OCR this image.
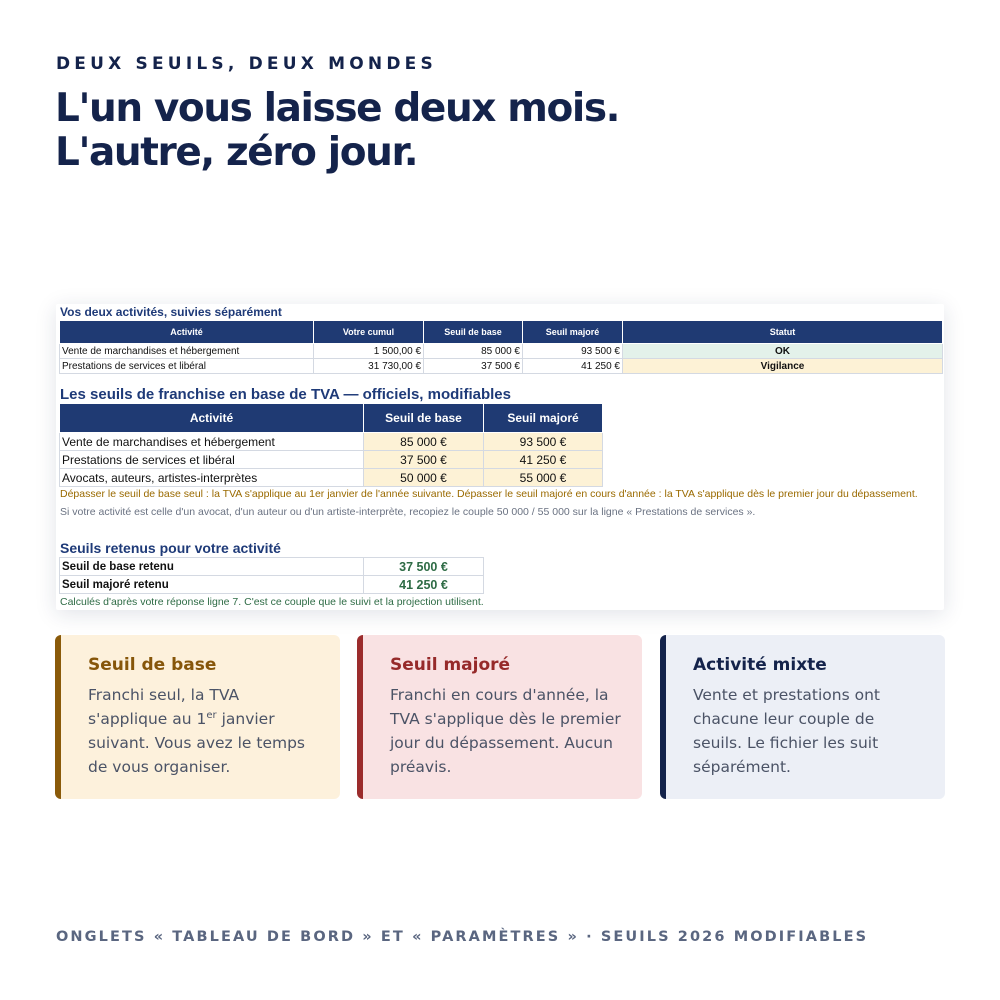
DEUX SEUILS, DEUX MONDES
L'un vous laisse deux mois.
L'autre, zéro jour.
Vos deux activités, suivies séparément
Activité	Votre cumul	Seuil de base	Seuil majoré	Statut
Vente de marchandises et hébergement	1 500,00 €	85 000 €	93 500 €	OK
Prestations de services et libéral	31 730,00 €	37 500 €	41 250 €	Vigilance
Les seuils de franchise en base de TVA — officiels, modifiables
Activité	Seuil de base	Seuil majoré
Vente de marchandises et hébergement	85 000 €	93 500 €
Prestations de services et libéral	37 500 €	41 250 €
Avocats, auteurs, artistes-interprètes	50 000 €	55 000 €
Dépasser le seuil de base seul : la TVA s'applique au 1er janvier de l'année suivante. Dépasser le seuil majoré en cours d'année : la TVA s'applique dès le premier jour du dépassement.
Si votre activité est celle d'un avocat, d'un auteur ou d'un artiste-interprète, recopiez le couple 50 000 / 55 000 sur la ligne « Prestations de services ».
Seuils retenus pour votre activité
Seuil de base retenu	37 500 €
Seuil majoré retenu	41 250 €
Calculés d'après votre réponse ligne 7. C'est ce couple que le suivi et la projection utilisent.
Seuil de base
Franchi seul, la TVA s'applique au 1er janvier suivant. Vous avez le temps de vous organiser.
Seuil majoré
Franchi en cours d'année, la TVA s'applique dès le premier jour du dépassement. Aucun préavis.
Activité mixte
Vente et prestations ont chacune leur couple de seuils. Le fichier les suit séparément.
ONGLETS « TABLEAU DE BORD » ET « PARAMÈTRES » · SEUILS 2026 MODIFIABLES
